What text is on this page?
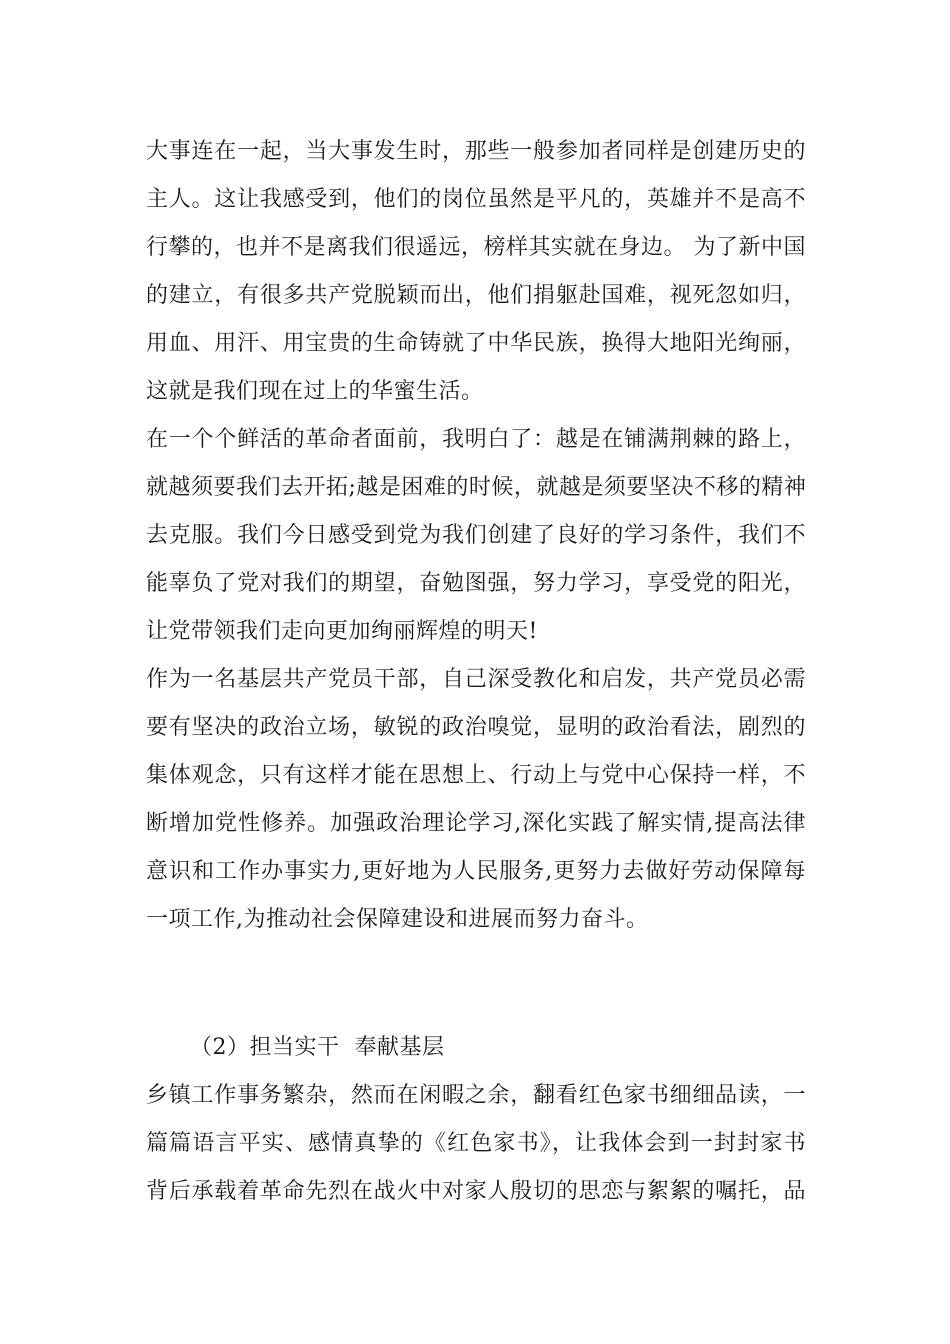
大事连在一起，当大事发生时，那些一般参加者同样是创建历史的
主人。这让我感受到，他们的岗位虽然是平凡的，英雄并不是高不
行攀的，也并不是离我们很遥远，榜样其实就在身边。 为了新中国
的建立，有很多共产党脱颖而出，他们捐躯赴国难，视死忽如归，
用血、用汗、用宝贵的生命铸就了中华民族，换得大地阳光绚丽，
这就是我们现在过上的华蜜生活。
在一个个鲜活的革命者面前，我明白了：越是在铺满荆棘的路上，
就越须要我们去开拓;越是困难的时候，就越是须要坚决不移的精神
去克服。我们今日感受到党为我们创建了良好的学习条件，我们不
能辜负了党对我们的期望，奋勉图强，努力学习，享受党的阳光，
让党带领我们走向更加绚丽辉煌的明天!
作为一名基层共产党员干部，自己深受教化和启发，共产党员必需
要有坚决的政治立场，敏锐的政治嗅觉，显明的政治看法，剧烈的
集体观念，只有这样才能在思想上、行动上与党中心保持一样，不
断增加党性修养。加强政治理论学习,深化实践了解实情,提高法律
意识和工作办事实力,更好地为人民服务,更努力去做好劳动保障每
一项工作,为推动社会保障建设和进展而努力奋斗。
（2）担当实干  奉献基层
乡镇工作事务繁杂，然而在闲暇之余，翻看红色家书细细品读，一
篇篇语言平实、感情真挚的《红色家书》，让我体会到一封封家书
背后承载着革命先烈在战火中对家人殷切的思恋与絮絮的嘱托，品
